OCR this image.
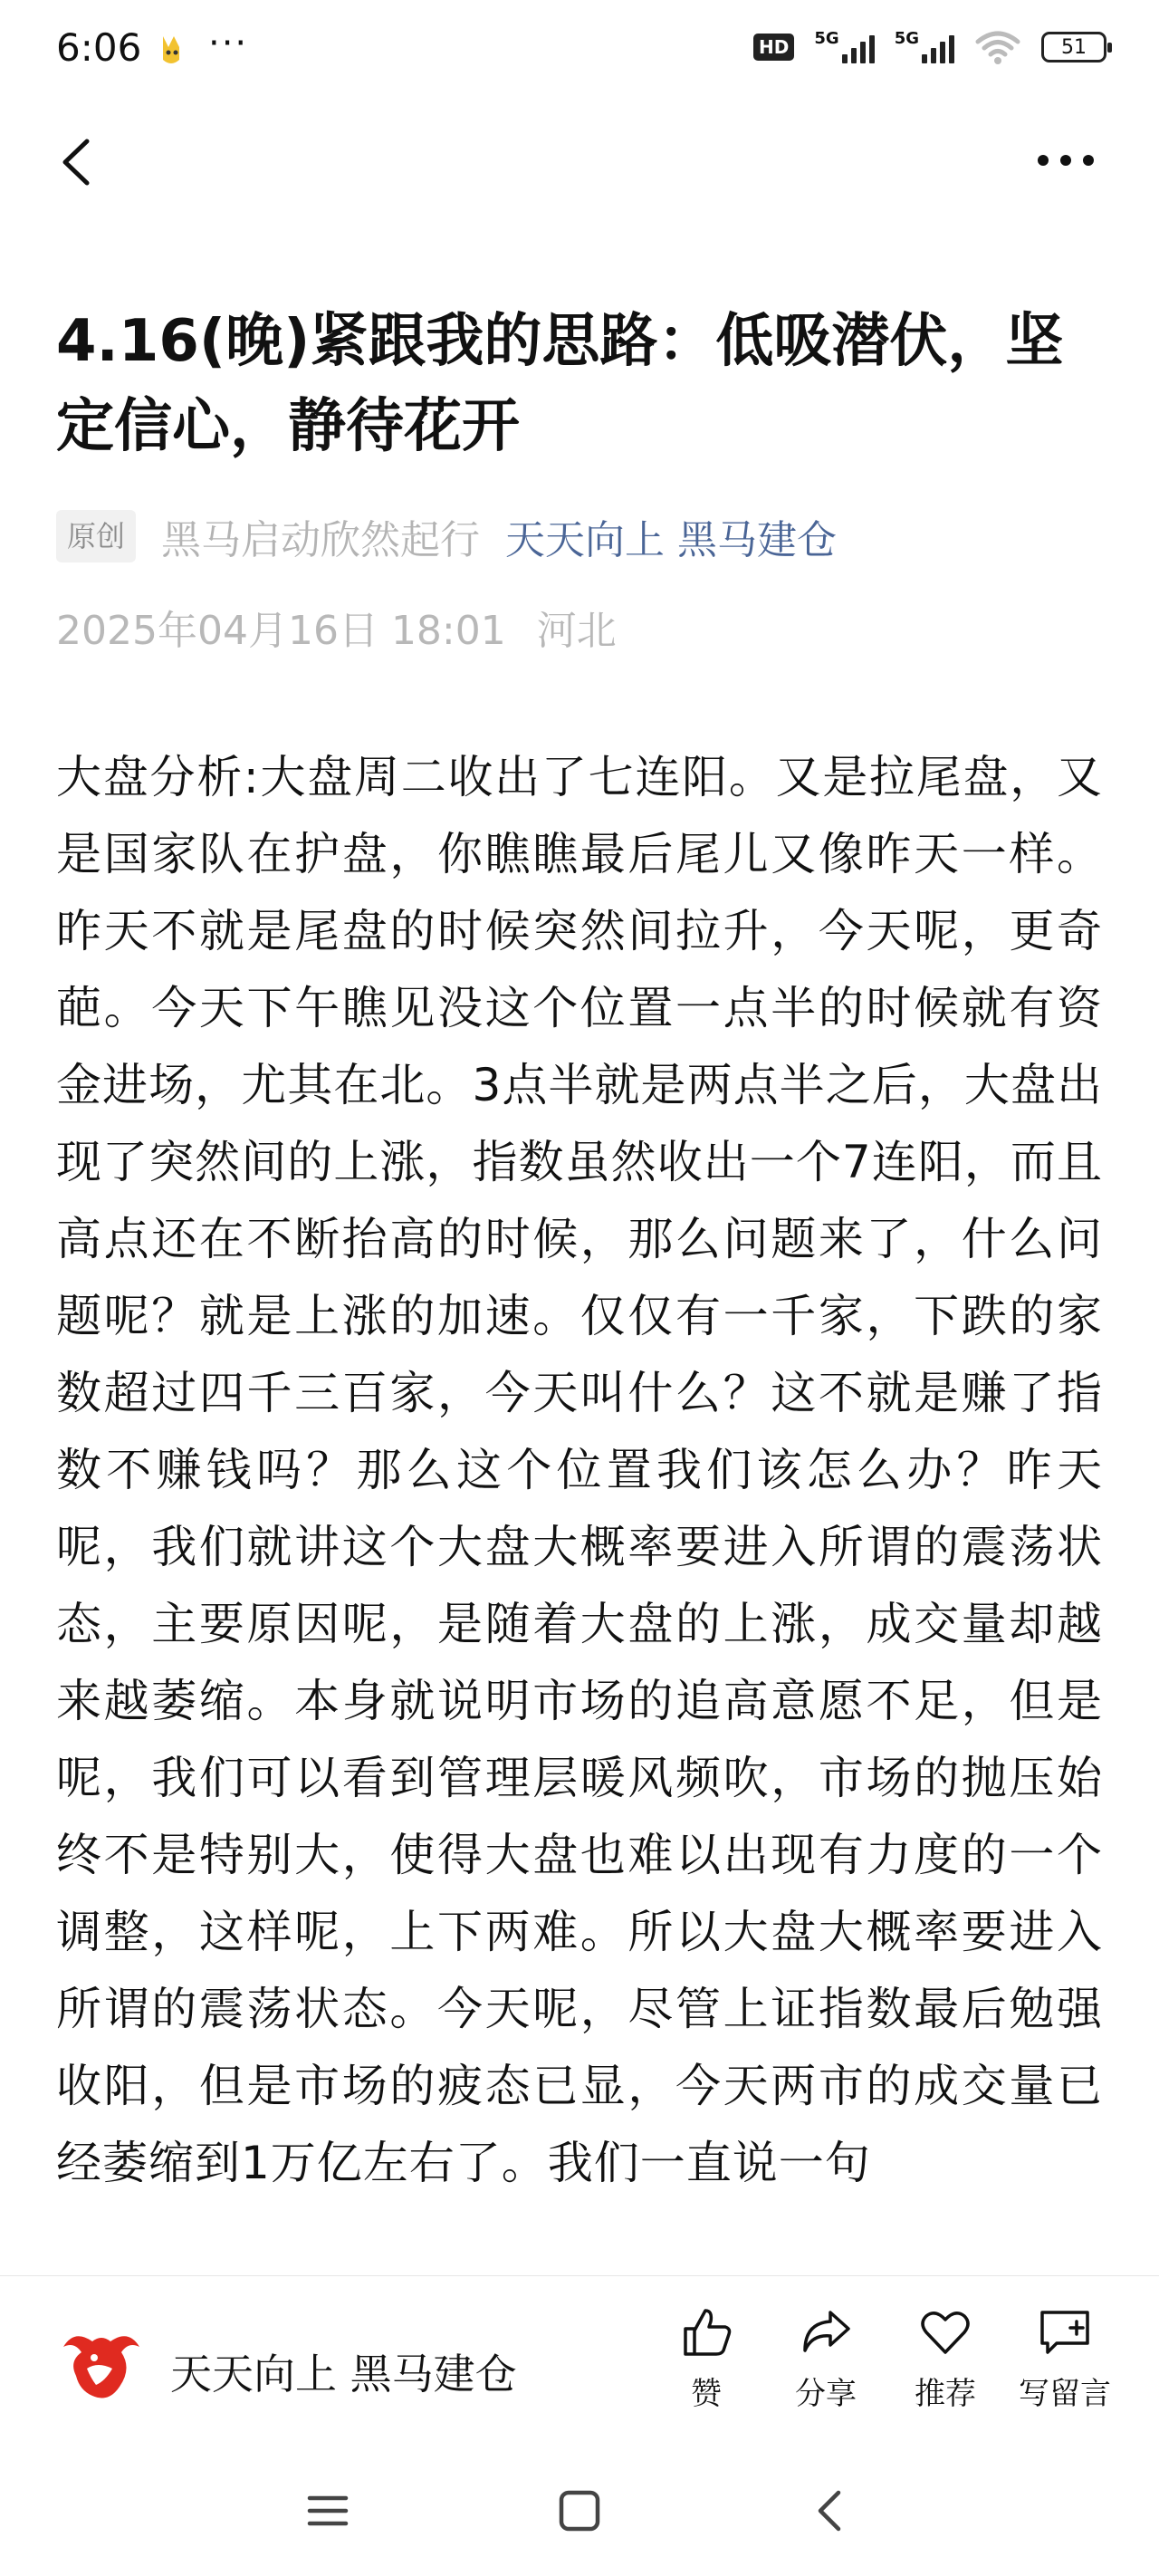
6:06 ···	HD	5G	5G	51
4.16(晚)紧跟我的思路：低吸潜伏，坚定信心，静待花开
原创 黑马启动欣然起行 天天向上 黑马建仓
2025年04月16日 18:01 河北

大盘分析:大盘周二收出了七连阳。又是拉尾盘，又是国家队在护盘，你瞧瞧最后尾儿又像昨天一样。昨天不就是尾盘的时候突然间拉升，今天呢，更奇葩。今天下午瞧见没这个位置一点半的时候就有资金进场，尤其在北。3点半就是两点半之后，大盘出现了突然间的上涨，指数虽然收出一个7连阳，而且高点还在不断抬高的时候，那么问题来了，什么问题呢？就是上涨的加速。仅仅有一千家，下跌的家数超过四千三百家，今天叫什么？这不就是赚了指数不赚钱吗？那么这个位置我们该怎么办？昨天呢，我们就讲这个大盘大概率要进入所谓的震荡状态，主要原因呢，是随着大盘的上涨，成交量却越来越萎缩。本身就说明市场的追高意愿不足，但是呢，我们可以看到管理层暖风频吹，市场的抛压始终不是特别大，使得大盘也难以出现有力度的一个调整，这样呢，上下两难。所以大盘大概率要进入所谓的震荡状态。今天呢，尽管上证指数最后勉强收阳，但是市场的疲态已显，今天两市的成交量已经萎缩到1万亿左右了。我们一直说一句

天天向上 黑马建仓	赞 分享 推荐 写留言
